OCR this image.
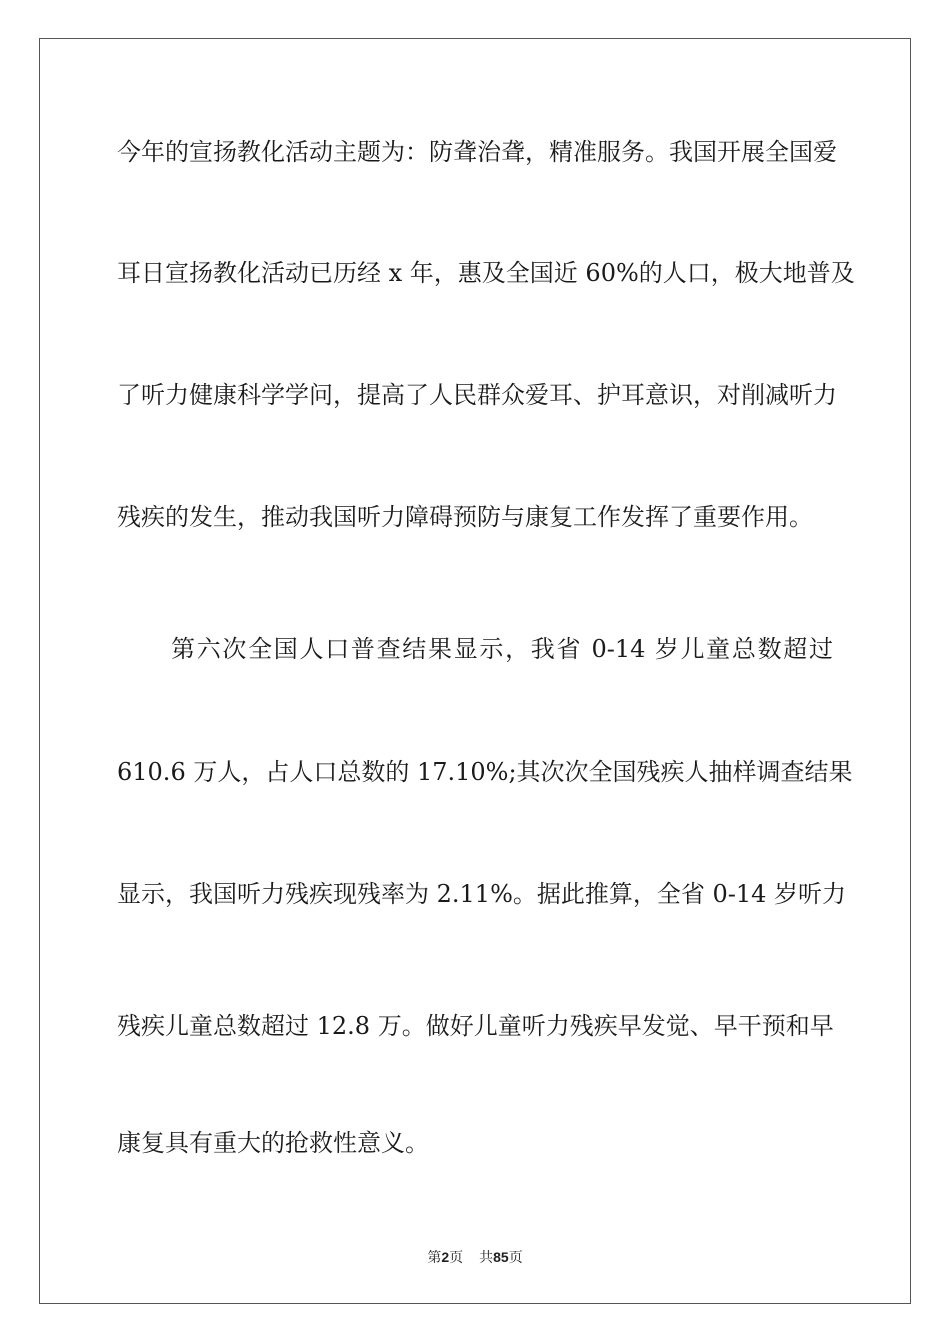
今年的宣扬教化活动主题为：防聋治聋，精准服务。我国开展全国爱
耳日宣扬教化活动已历经 x 年，惠及全国近 60%的人口，极大地普及
了听力健康科学学问，提高了人民群众爱耳、护耳意识，对削减听力
残疾的发生，推动我国听力障碍预防与康复工作发挥了重要作用。
第六次全国人口普查结果显示，我省 0-14 岁儿童总数超过
610.6 万人，占人口总数的 17.10%;其次次全国残疾人抽样调查结果
显示，我国听力残疾现残率为 2.11%。据此推算，全省 0-14 岁听力
残疾儿童总数超过 12.8 万。做好儿童听力残疾早发觉、早干预和早
康复具有重大的抢救性意义。
第2页 共85页
